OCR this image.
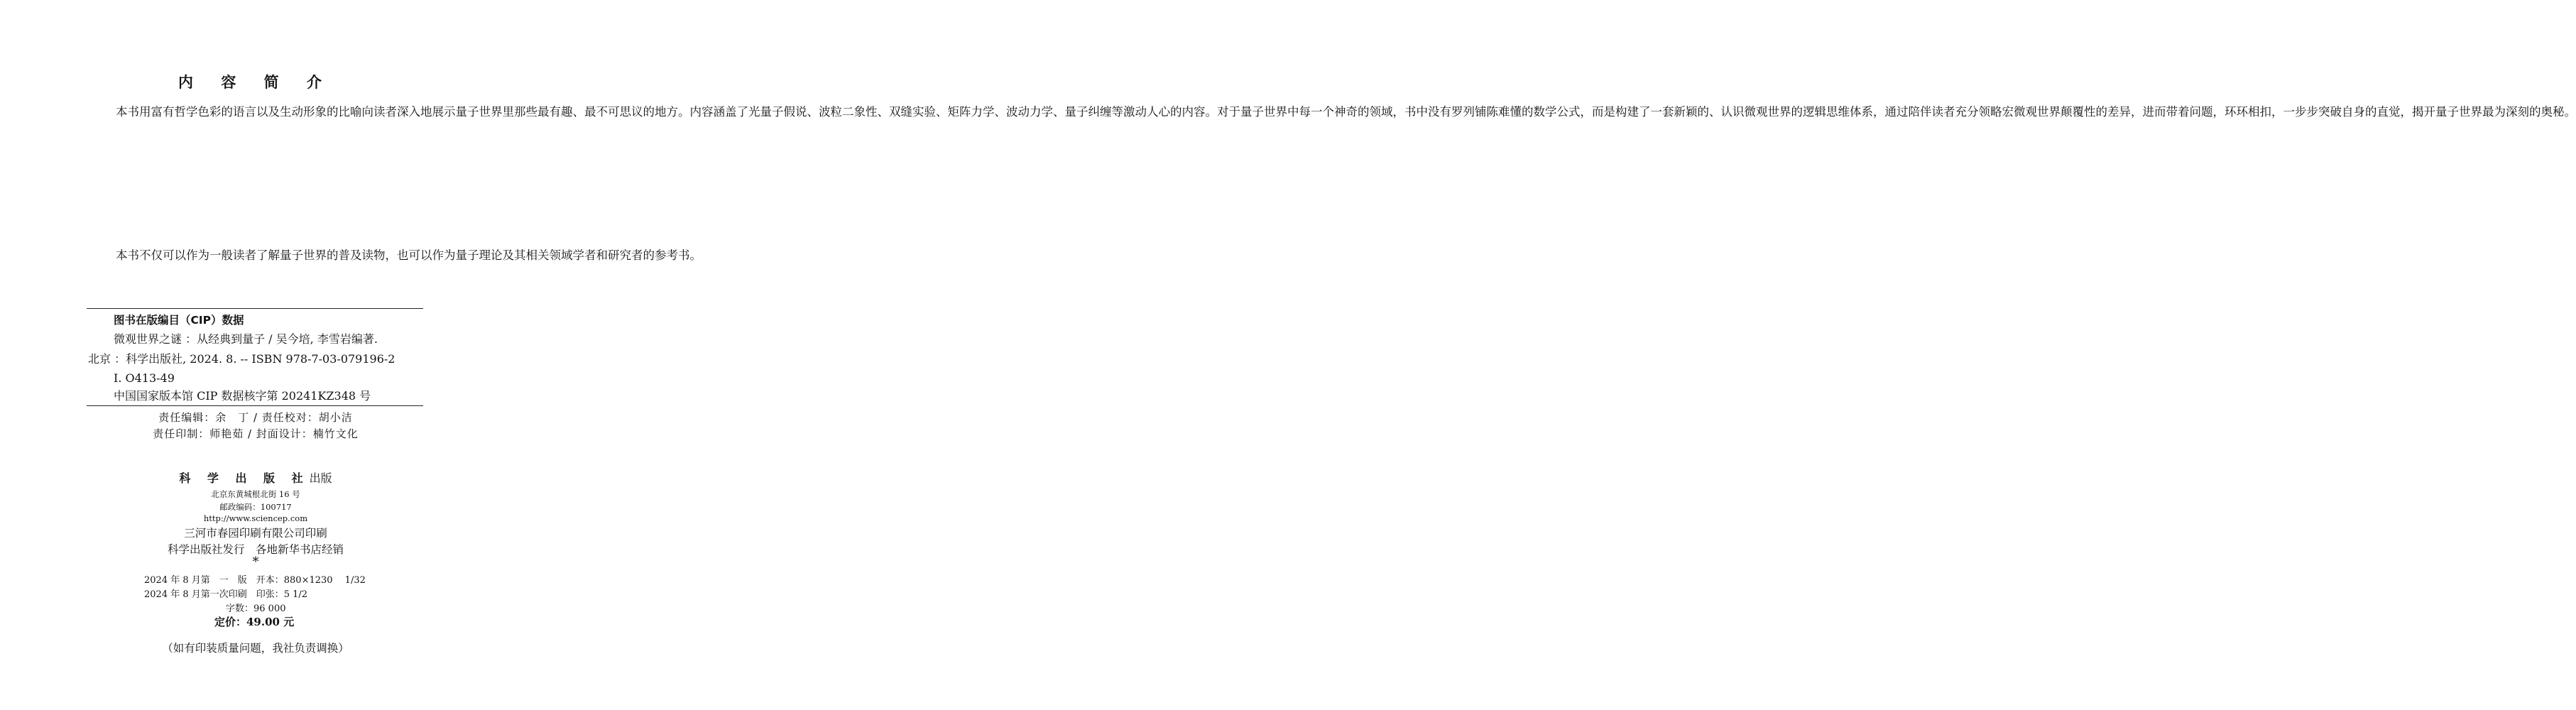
内 容 简 介
本书用富有哲学色彩的语言以及生动形象的比喻向读者深入地展示量子世界里那些最有趣、最不可思议的地方。内容涵盖了光量子假说、波粒二象性、双缝实验、矩阵力学、波动力学、量子纠缠等激动人心的内容。对于量子世界中每一个神奇的领域，书中没有罗列铺陈难懂的数学公式，而是构建了一套新颖的、认识微观世界的逻辑思维体系，通过陪伴读者充分领略宏微观世界颠覆性的差异，进而带着问题，环环相扣，一步步突破自身的直觉，揭开量子世界最为深刻的奥秘。
本书不仅可以作为一般读者了解量子世界的普及读物，也可以作为量子理论及其相关领域学者和研究者的参考书。
图书在版编目（CIP）数据
微观世界之谜 ：从经典到量子 / 吴今培, 李雪岩编著.
北京 ：科学出版社, 2024. 8. -- ISBN 978-7-03-079196-2
Ⅰ. O413-49
中国国家版本馆 CIP 数据核字第 20241KZ348 号
责任编辑：余　丁 / 责任校对：胡小洁
责任印制：师艳茹 / 封面设计：楠竹文化
科 学 出 版 社出版
北京东黄城根北街 16 号
邮政编码：100717
http://www.sciencep.com
三河市春园印刷有限公司印刷
科学出版社发行　各地新华书店经销
*
2024 年 8 月第　一　版　开本：880×1230　 1/32
2024 年 8 月第一次印刷　印张：5 1/2
字数：96 000
定价：49.00 元
（如有印装质量问题，我社负责调换）
